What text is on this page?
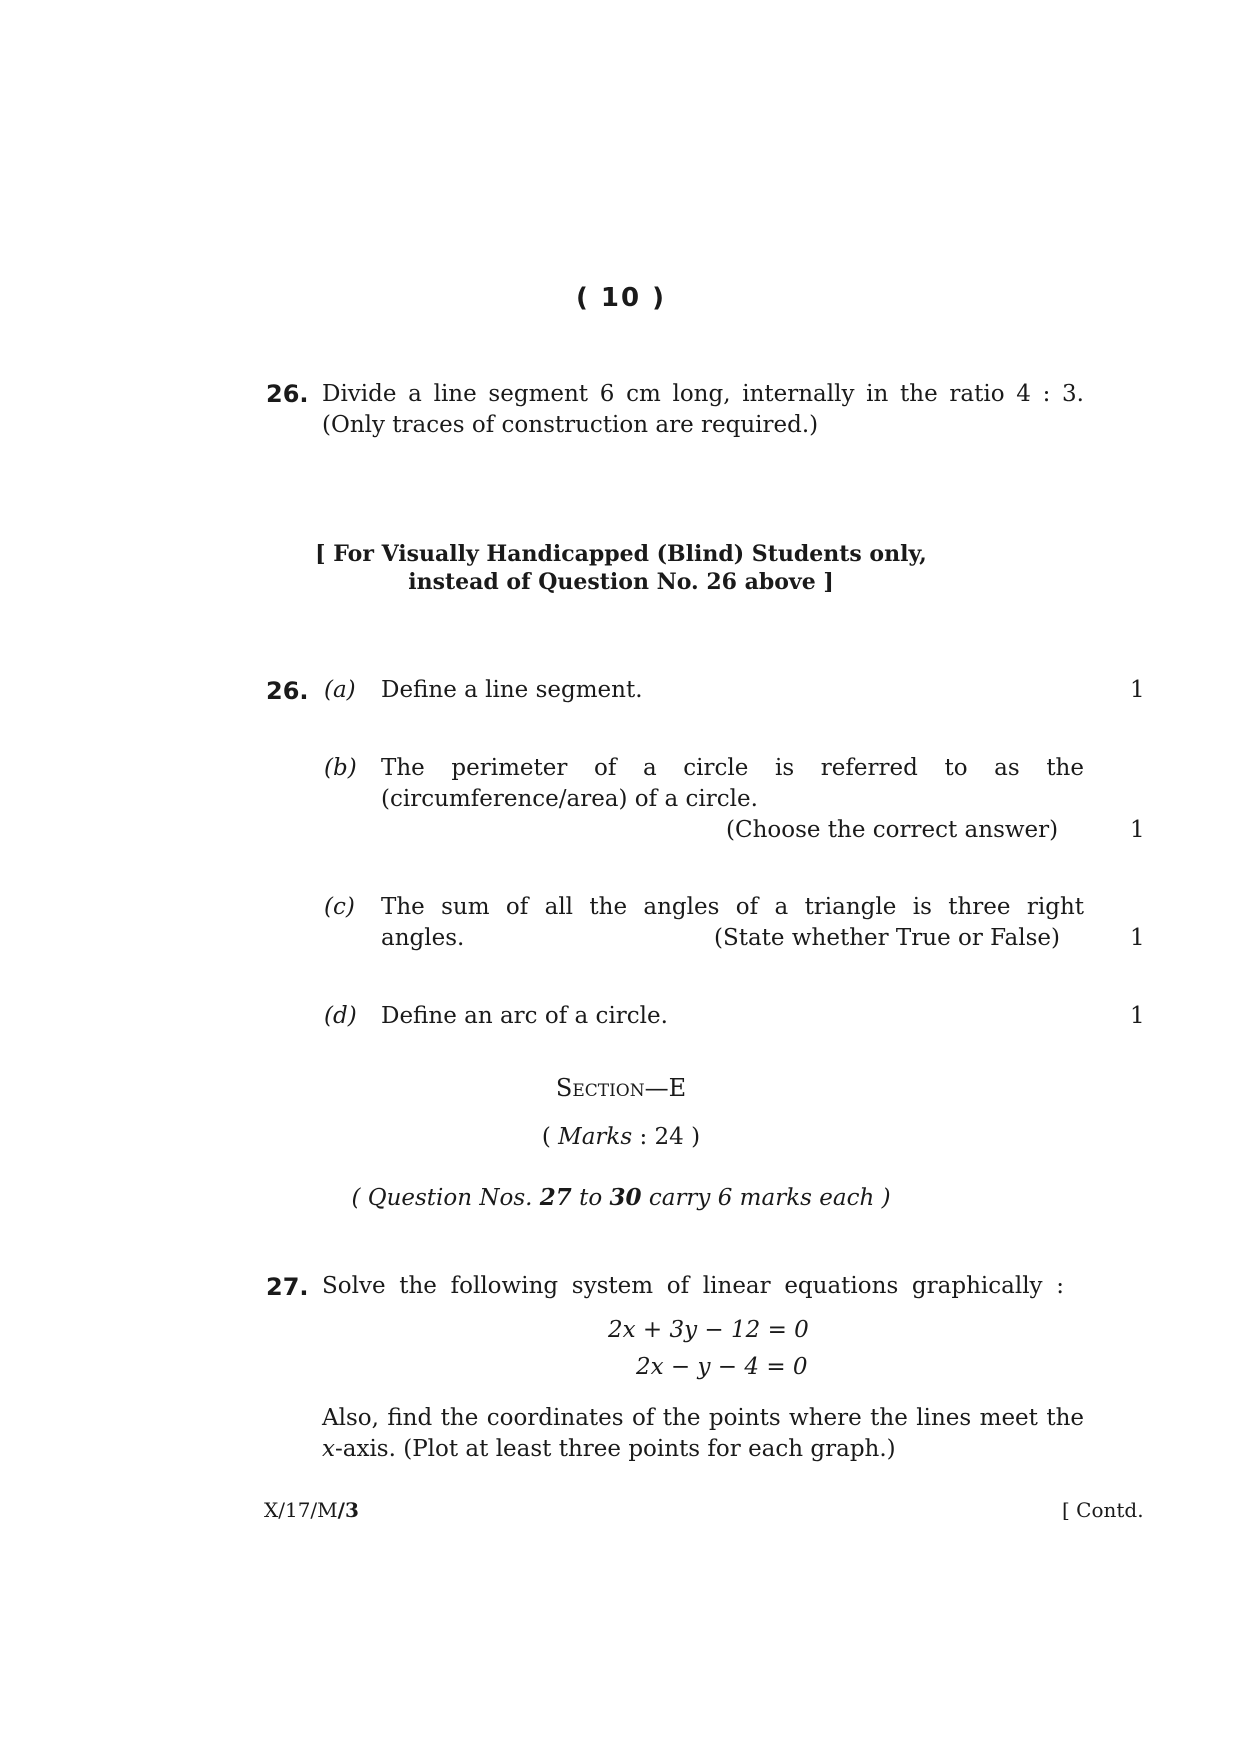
( 10 )
26. Divide a line segment 6 cm long, internally in the ratio 4 : 3.
(Only traces of construction are required.)
[ For Visually Handicapped (Blind) Students only,
instead of Question No. 26 above ]
26. (a) Define a line segment.	1
(b) The perimeter of a circle is referred to as the
(circumference/area) of a circle.
(Choose the correct answer)	1
(c) The sum of all the angles of a triangle is three right
angles.	(State whether True or False)	1
(d) Define an arc of a circle.	1
Section—E
( Marks : 24 )
( Question Nos. 27 to 30 carry 6 marks each )
27. Solve the following system of linear equations graphically :
2x + 3y − 12 = 0
2x − y − 4 = 0
Also, find the coordinates of the points where the lines meet the
x-axis. (Plot at least three points for each graph.)
X/17/M/3	[ Contd.
